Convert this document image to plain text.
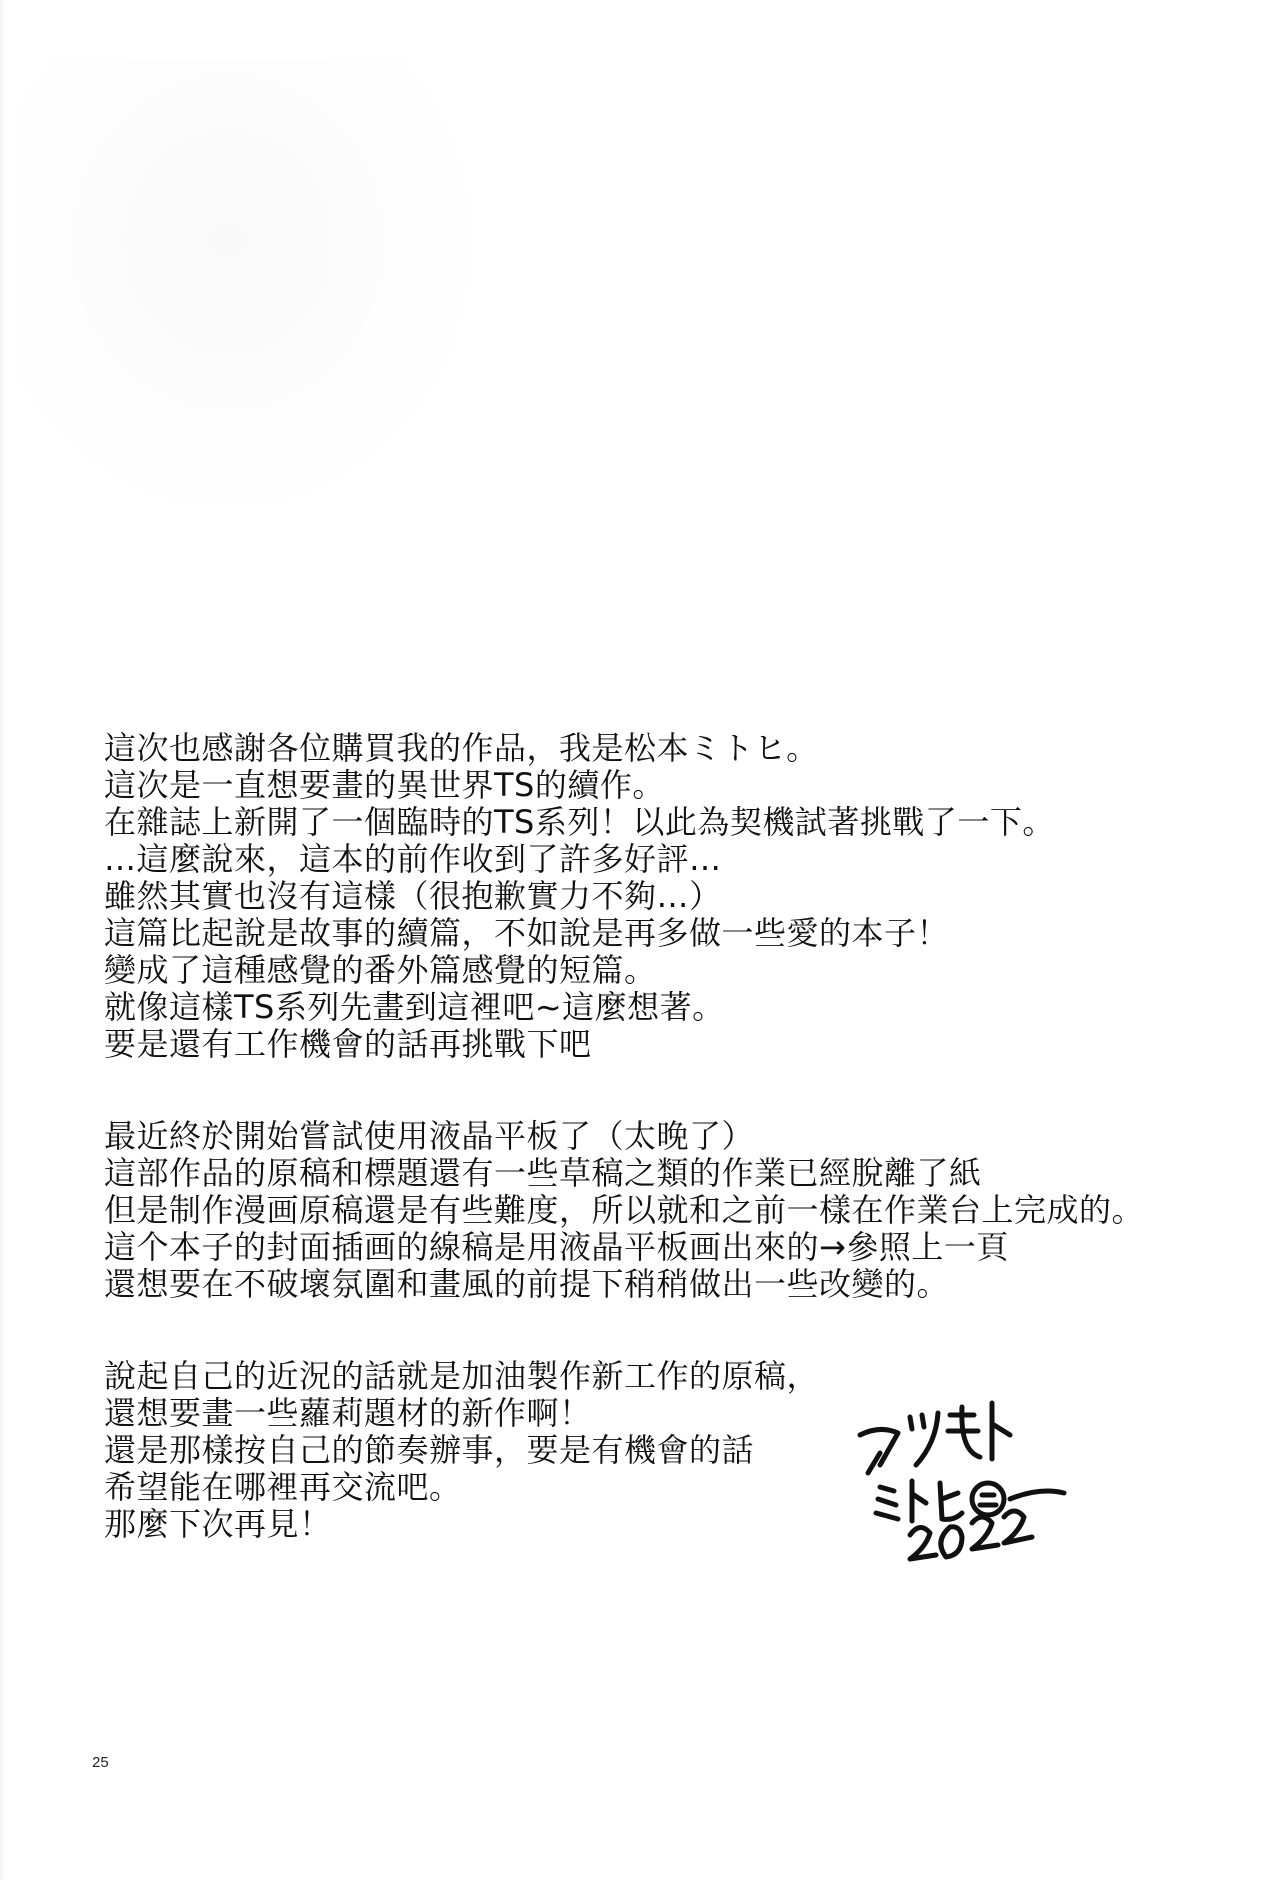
這次也感謝各位購買我的作品，我是松本ミトヒ。
這次是一直想要畫的異世界TS的續作。
在雜誌上新開了一個臨時的TS系列！以此為契機試著挑戰了一下。
…這麼說來，這本的前作收到了許多好評…
雖然其實也沒有這樣（很抱歉實力不夠…）
這篇比起說是故事的續篇，不如說是再多做一些愛的本子！
變成了這種感覺的番外篇感覺的短篇。
就像這樣TS系列先畫到這裡吧~這麼想著。
要是還有工作機會的話再挑戰下吧
最近終於開始嘗試使用液晶平板了（太晚了）
這部作品的原稿和標題還有一些草稿之類的作業已經脫離了紙
但是制作漫画原稿還是有些難度，所以就和之前一樣在作業台上完成的。
這个本子的封面插画的線稿是用液晶平板画出來的→參照上一頁
還想要在不破壞氛圍和畫風的前提下稍稍做出一些改變的。
說起自己的近況的話就是加油製作新工作的原稿，
還想要畫一些蘿莉題材的新作啊！
還是那樣按自己的節奏辦事，要是有機會的話
希望能在哪裡再交流吧。
那麼下次再見！
25
